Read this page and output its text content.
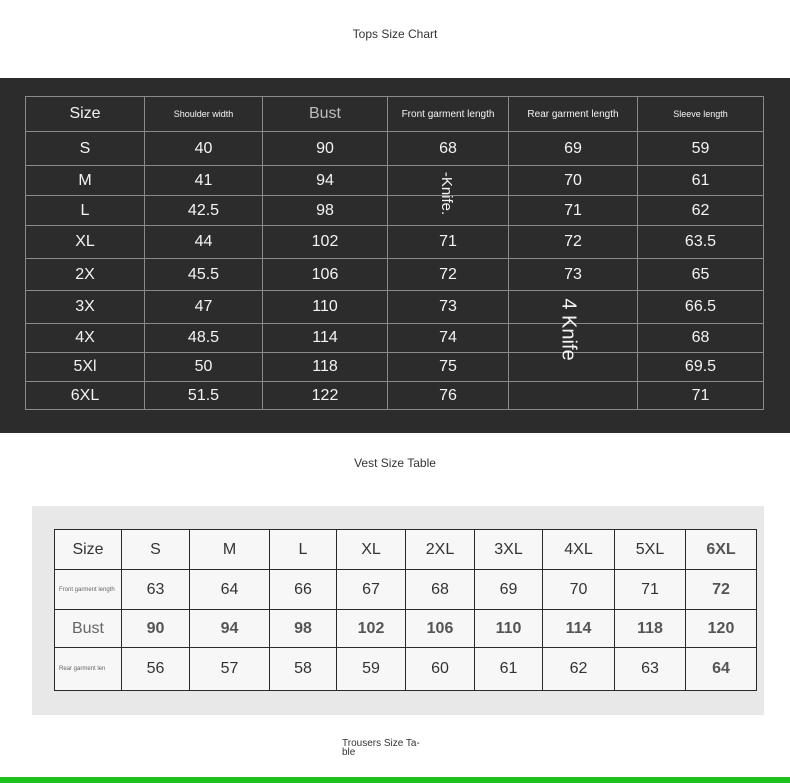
Tops Size Chart
Size	Shoulder width	Bust	Front garment length	Rear garment length	Sleeve length
S	40	90	68	69	59
M	41	94		70	61
L	42.5	98		71	62
XL	44	102	71	72	63.5
2X	45.5	106	72	73	65
3X	47	110	73		66.5
4X	48.5	114	74		68
5Xl	50	118	75		69.5
6XL	51.5	122	76		71
-Knife.
4 Knife
Vest Size Table
Size	S	M	L	XL	2XL	3XL	4XL	5XL	6XL
Front garment length	63	64	66	67	68	69	70	71	72
Bust	90	94	98	102	106	110	114	118	120
Rear garment len	56	57	58	59	60	61	62	63	64
Trousers Size Ta-
ble
